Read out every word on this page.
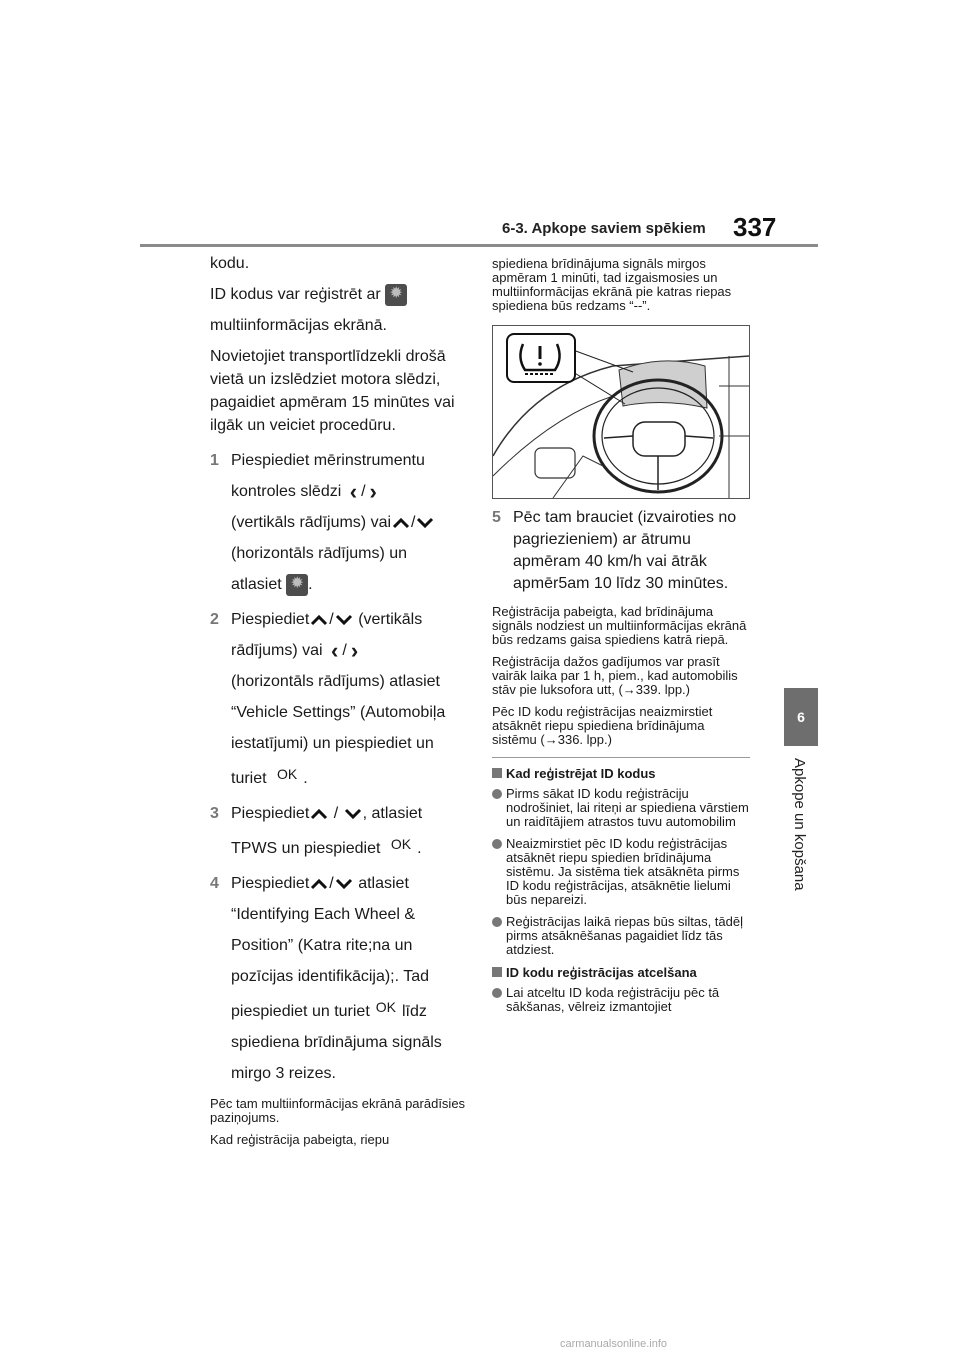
6-3. Apkope saviem spēkiem 337
6
Apkope un kopšana

kodu.

ID kodus var reģistrēt ar ✹

multiinformācijas ekrānā.

Novietojiet transportlīdzekli drošā vietā un izslēdziet motora slēdzi, pagaidiet apmēram 15 minūtes vai ilgāk un veiciet procedūru.

1 Piespiediet mērinstrumentu
kontroles slēdzi ‹ / ›
(vertikāls rādījums) vai /
(horizontāls rādījums) un
atlasiet ✹ .
2 Piespiediet / (vertikāls
rādījums) vai ‹ / ›
(horizontāls rādījums) atlasiet
“Vehicle Settings” (Automobiļa
iestatījumi) un piespiediet un
turiet OK .
3 Piespiediet / , atlasiet
TPWS un piespiediet OK .
4 Piespiediet / atlasiet
“Identifying Each Wheel &
Position” (Katra rite;na un
pozīcijas identifikācija);. Tad
piespiediet un turiet OK līdz
spiediena brīdinājuma signāls
mirgo 3 reizes.

Pēc tam multiinformācijas ekrānā parādīsies paziņojums.

Kad reģistrācija pabeigta, riepu

spiediena brīdinājuma signāls mirgos apmēram 1 minūti, tad izgaismosies un multiinformācijas ekrānā pie katras riepas spiediena būs redzams “--”.

5 Pēc tam brauciet (izvairoties no pagriezieniem) ar ātrumu apmēram 40 km/h vai ātrāk apmēr5am 10 līdz 30 minūtes.

Reģistrācija pabeigta, kad brīdinājuma signāls nodziest un multiinformācijas ekrānā būs redzams gaisa spiediens katrā riepā.

Reģistrācija dažos gadījumos var prasīt vairāk laika par 1 h, piem., kad automobilis stāv pie luksofora utt, (→339. lpp.)

Pēc ID kodu reģistrācijas neaizmirstiet atsāknēt riepu spiediena brīdinājuma sistēmu (→336. lpp.)

Kad reģistrējat ID kodus

Pirms sākat ID kodu reģistrāciju nodrošiniet, lai riteņi ar spiediena vārstiem un raidītājiem atrastos tuvu automobilim

Neaizmirstiet pēc ID kodu reģistrācijas atsāknēt riepu spiedien brīdinājuma sistēmu. Ja sistēma tiek atsāknēta pirms ID kodu reģistrācijas, atsāknētie lielumi būs nepareizi.

Reģistrācijas laikā riepas būs siltas, tādēļ pirms atsāknēšanas pagaidiet līdz tās atdziest.

ID kodu reģistrācijas atcelšana

Lai atceltu ID koda reģistrāciju pēc tā sākšanas, vēlreiz izmantojiet

carmanualsonline.info
